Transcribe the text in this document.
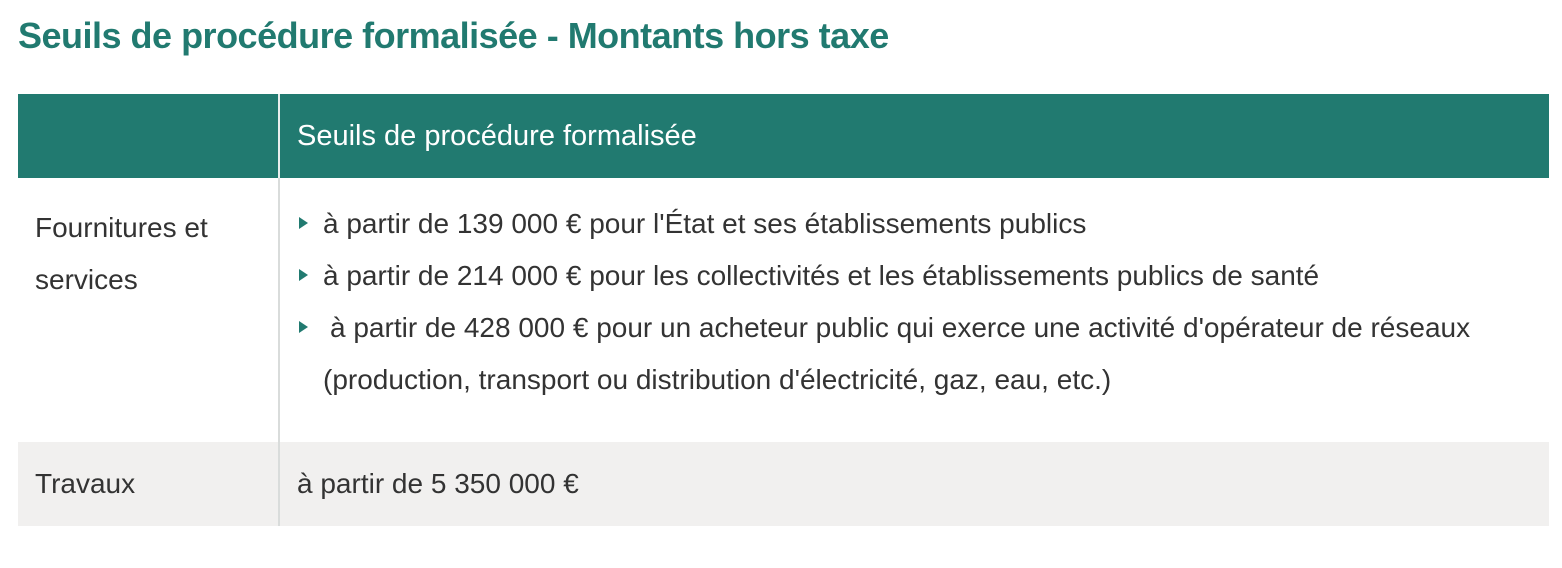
Seuils de procédure formalisée - Montants hors taxe
Seuils de procédure formalisée
Fournitures et services
à partir de 139 000 € pour l'État et ses établissements publics
à partir de 214 000 € pour les collectivités et les établissements publics de santé
à partir de 428 000 € pour un acheteur public qui exerce une activité d'opérateur de réseaux
(production, transport ou distribution d'électricité, gaz, eau, etc.)
Travaux	à partir de 5 350 000 €
